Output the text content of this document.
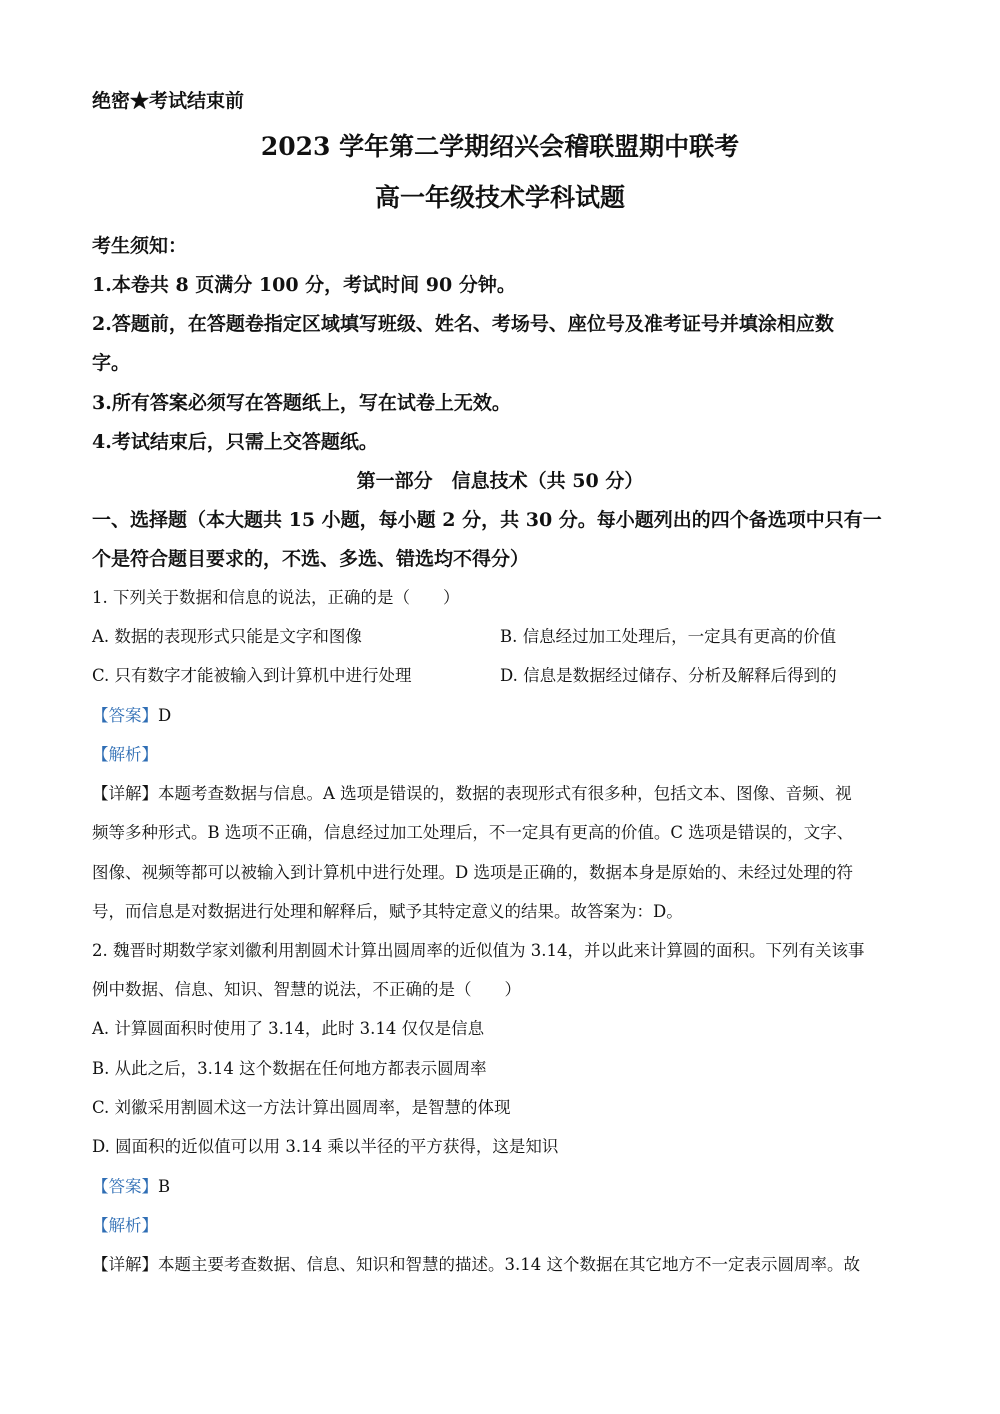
绝密★考试结束前

2023 学年第二学期绍兴会稽联盟期中联考

高一年级技术学科试题

考生须知：

1.本卷共 8 页满分 100 分，考试时间 90 分钟。

2.答题前，在答题卷指定区域填写班级、姓名、考场号、座位号及准考证号并填涂相应数

字。

3.所有答案必须写在答题纸上，写在试卷上无效。

4.考试结束后，只需上交答题纸。

第一部分　信息技术（共 50 分）

一、选择题（本大题共 15 小题，每小题 2 分，共 30 分。每小题列出的四个备选项中只有一

个是符合题目要求的，不选、多选、错选均不得分）

1. 下列关于数据和信息的说法，正确的是（　　）

A. 数据的表现形式只能是文字和图像	B. 信息经过加工处理后，一定具有更高的价值

C. 只有数字才能被输入到计算机中进行处理	D. 信息是数据经过储存、分析及解释后得到的

【答案】D

【解析】

【详解】本题考查数据与信息。A 选项是错误的，数据的表现形式有很多种，包括文本、图像、音频、视

频等多种形式。B 选项不正确，信息经过加工处理后，不一定具有更高的价值。C 选项是错误的，文字、

图像、视频等都可以被输入到计算机中进行处理。D 选项是正确的，数据本身是原始的、未经过处理的符

号，而信息是对数据进行处理和解释后，赋予其特定意义的结果。故答案为：D。

2. 魏晋时期数学家刘徽利用割圆术计算出圆周率的近似值为 3.14，并以此来计算圆的面积。下列有关该事

例中数据、信息、知识、智慧的说法，不正确的是（　　）

A. 计算圆面积时使用了 3.14，此时 3.14 仅仅是信息

B. 从此之后，3.14 这个数据在任何地方都表示圆周率

C. 刘徽采用割圆术这一方法计算出圆周率，是智慧的体现

D. 圆面积的近似值可以用 3.14 乘以半径的平方获得，这是知识

【答案】B

【解析】

【详解】本题主要考查数据、信息、知识和智慧的描述。3.14 这个数据在其它地方不一定表示圆周率。故
